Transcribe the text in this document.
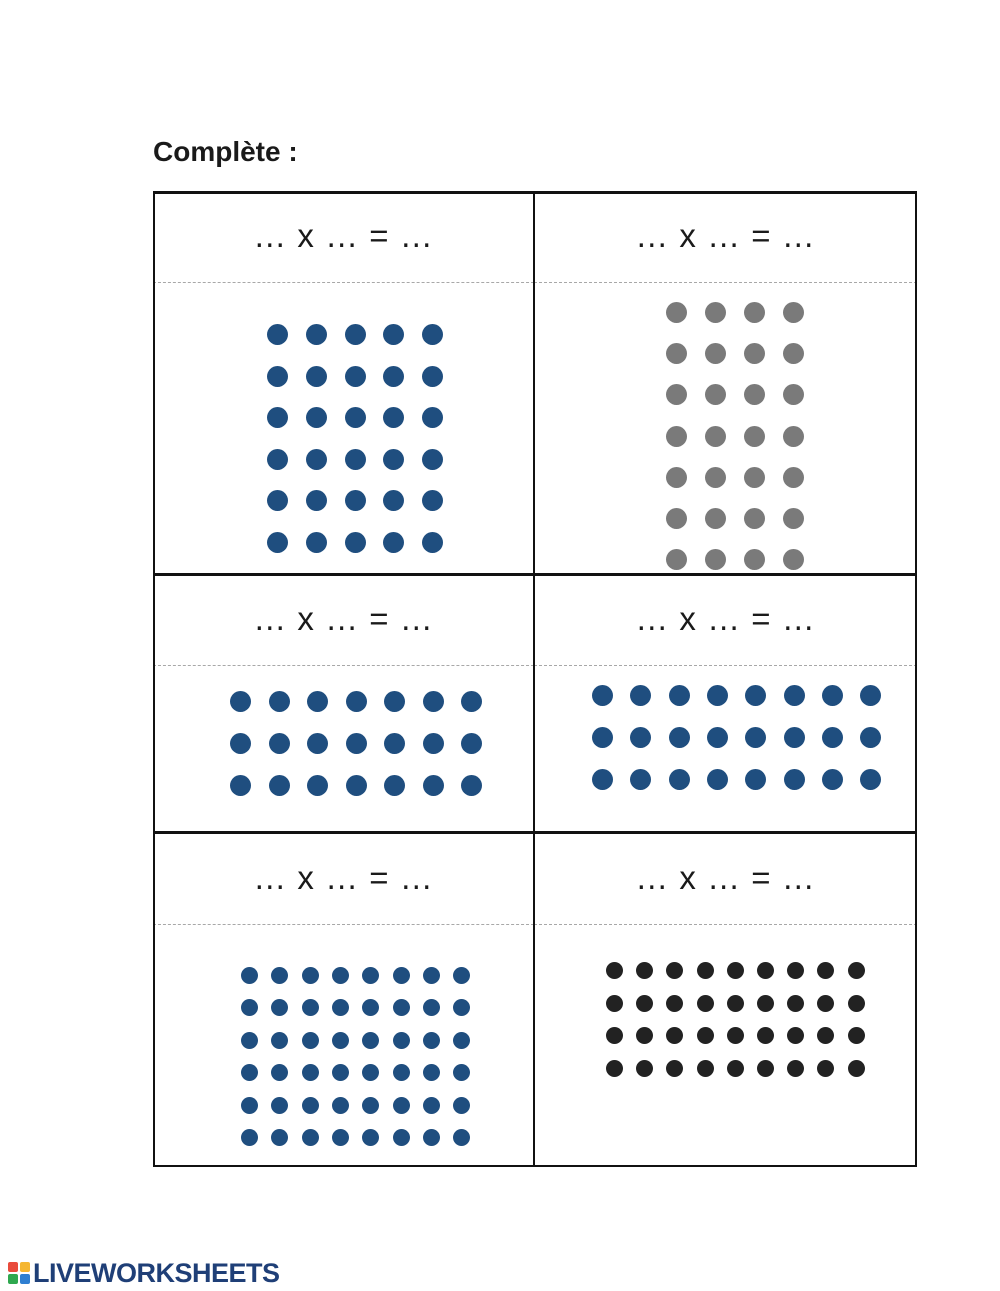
Complète :
… x … = …	… x … = …
… x … = …	… x … = …
… x … = …	… x … = …
LIVEWORKSHEETS
